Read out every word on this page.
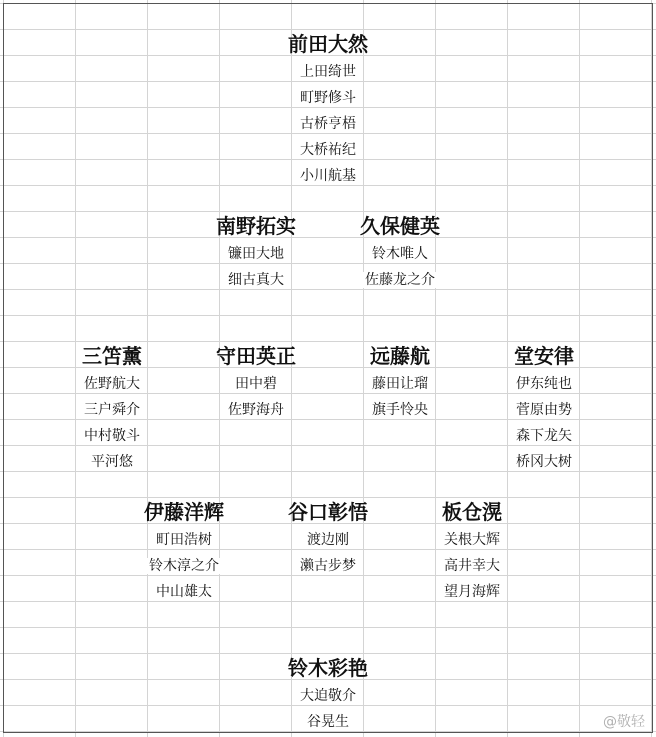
前田大然
上田绮世
町野修斗
古桥亨梧
大桥祐纪
小川航基
南野拓实
镰田大地
细古真大
久保健英
铃木唯人
佐藤龙之介
三笘薰
佐野航大
三户舜介
中村敬斗
平河悠
守田英正
田中碧
佐野海舟
远藤航
藤田让瑠
旗手怜央
堂安律
伊东纯也
菅原由势
森下龙矢
桥冈大树
伊藤洋辉
町田浩树
铃木淳之介
中山雄太
谷口彰悟
渡边刚
濑古步梦
板仓滉
关根大辉
高井幸大
望月海辉
铃木彩艳
大迫敬介
谷晃生	@敬轻
